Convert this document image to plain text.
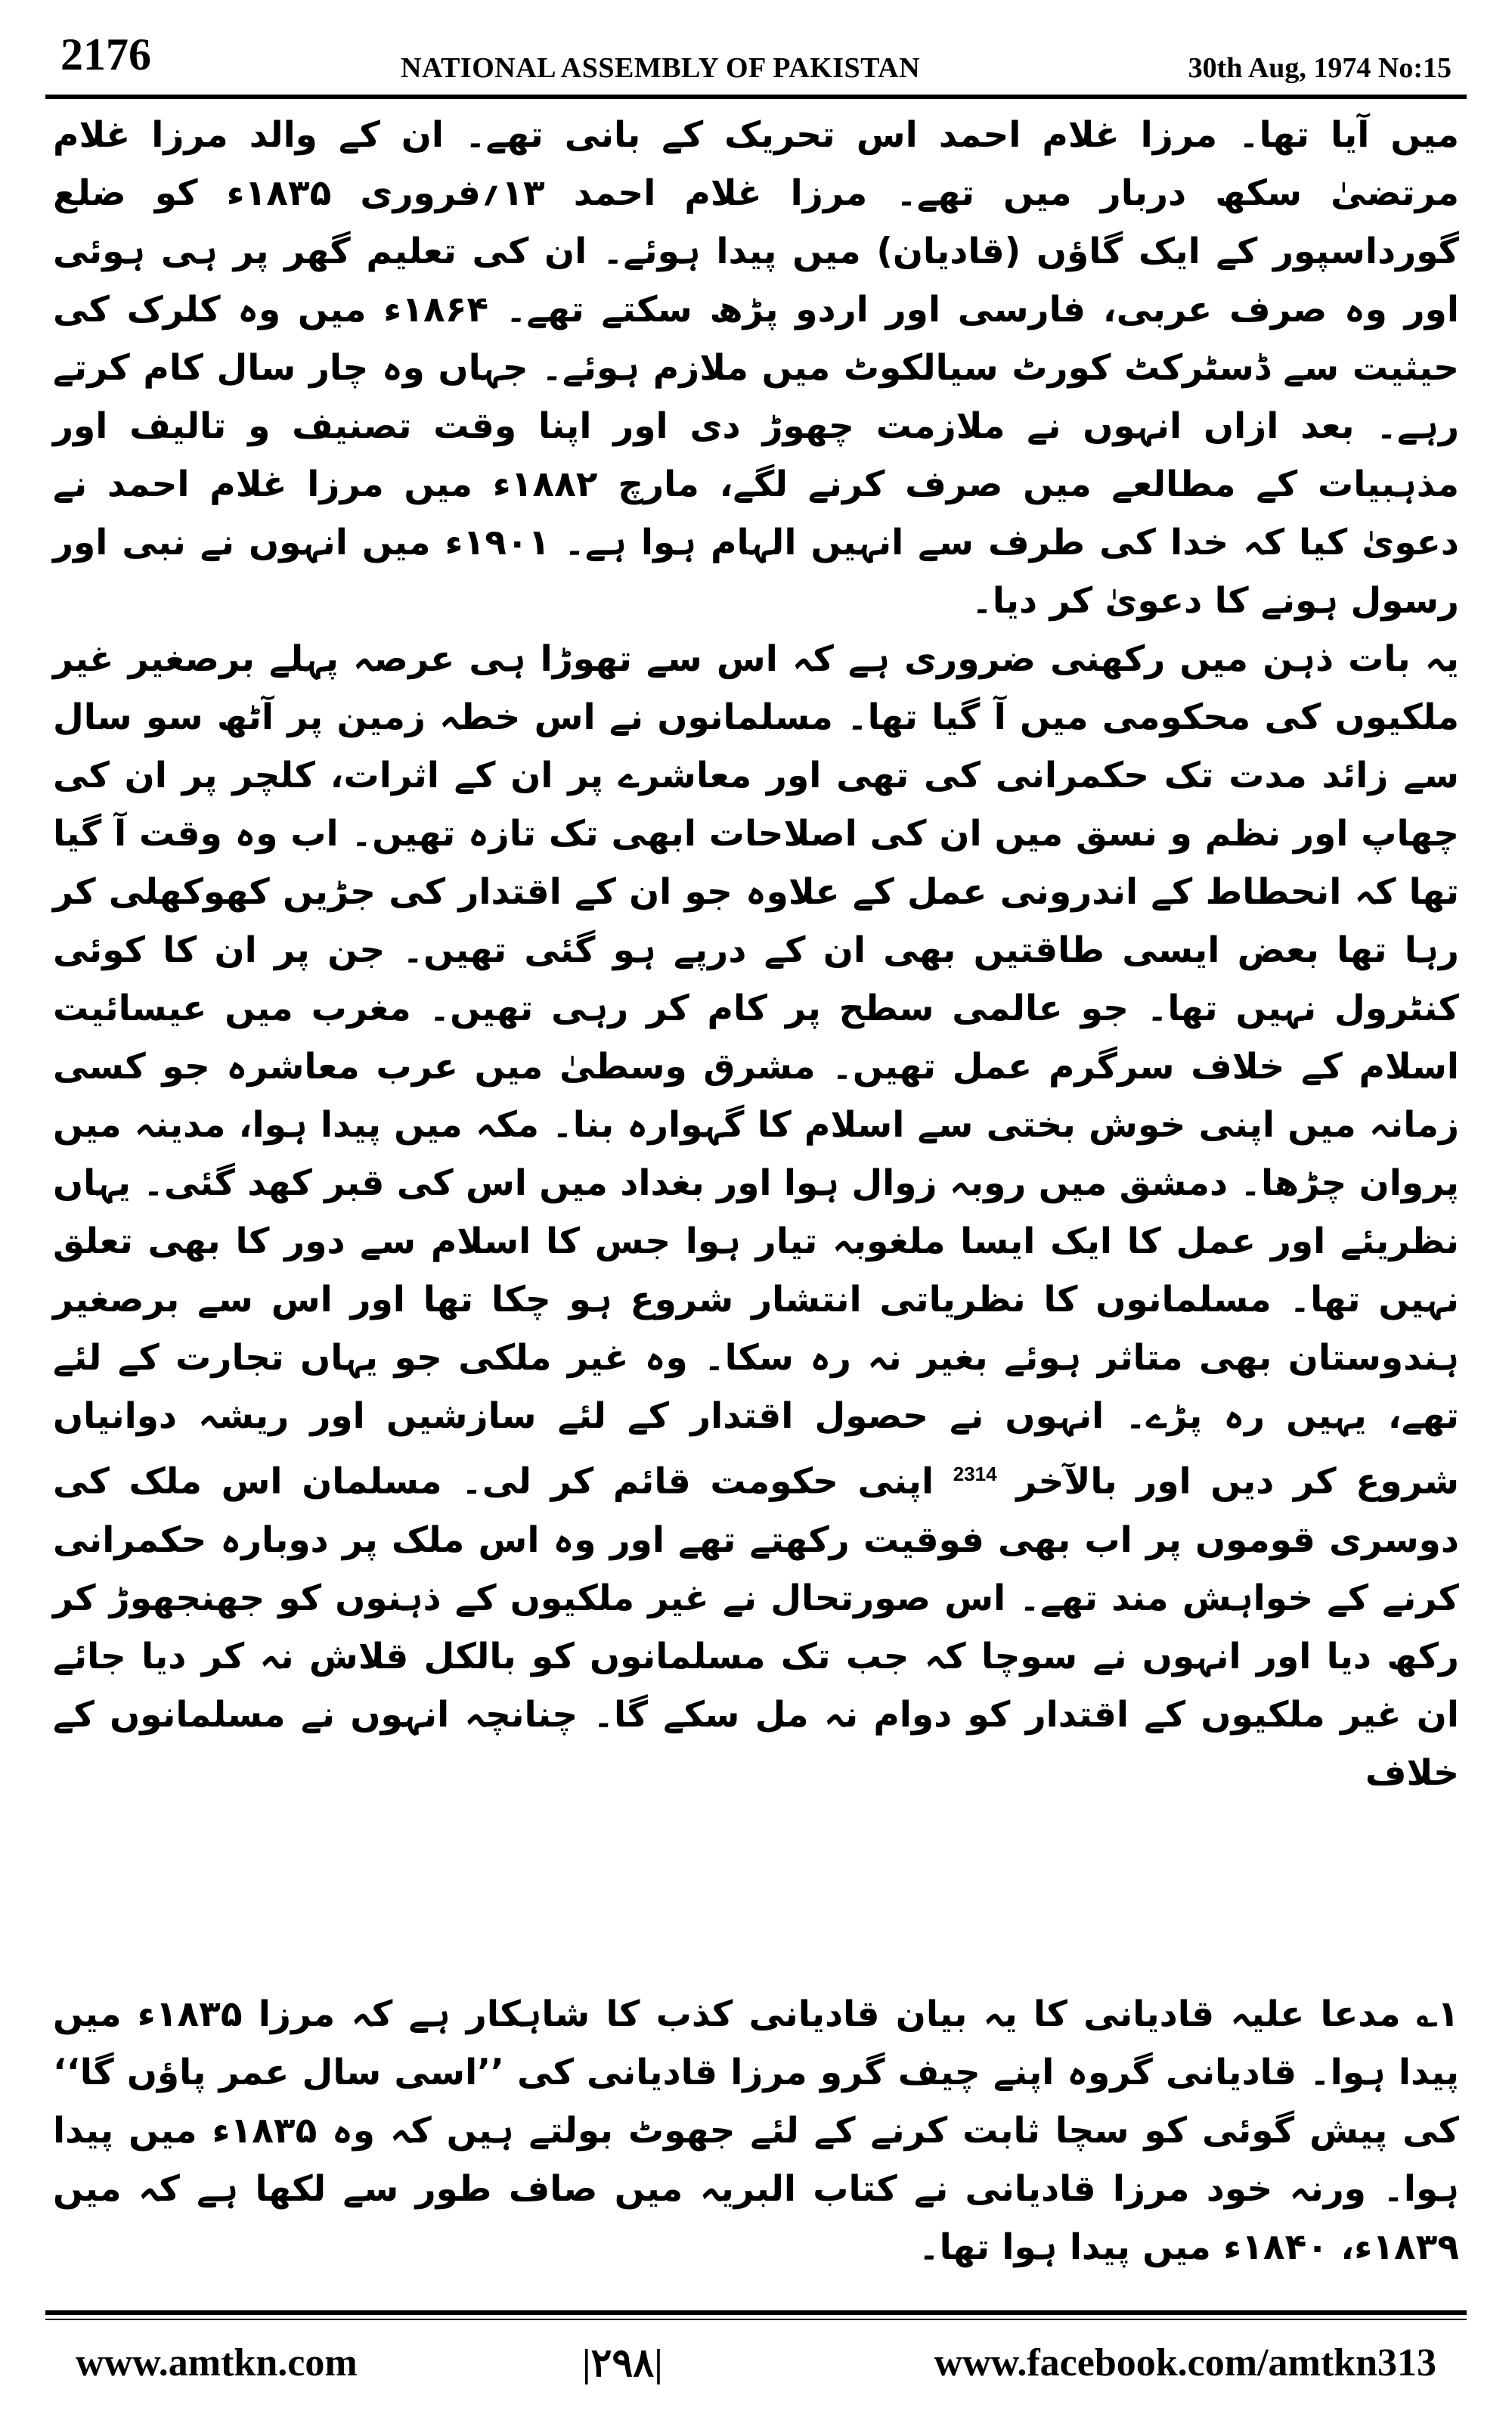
2176	NATIONAL ASSEMBLY OF PAKISTAN	30th Aug, 1974 No:15

میں آیا تھا۔ مرزا غلام احمد اس تحریک کے بانی تھے۔ ان کے والد مرزا غلام مرتضیٰ سکھ دربار میں تھے۔ مرزا غلام احمد ۱۳؍فروری ۱۸۳۵ء کو ضلع گورداسپور کے ایک گاؤں (قادیان) میں پیدا ہوئے۔ ان کی تعلیم گھر پر ہی ہوئی اور وہ صرف عربی، فارسی اور اردو پڑھ سکتے تھے۔ ۱۸۶۴ء میں وہ کلرک کی حیثیت سے ڈسٹرکٹ کورٹ سیالکوٹ میں ملازم ہوئے۔ جہاں وہ چار سال کام کرتے رہے۔ بعد ازاں انہوں نے ملازمت چھوڑ دی اور اپنا وقت تصنیف و تالیف اور مذہبیات کے مطالعے میں صرف کرنے لگے، مارچ ۱۸۸۲ء میں مرزا غلام احمد نے دعویٰ کیا کہ خدا کی طرف سے انہیں الہام ہوا ہے۔ ۱۹۰۱ء میں انہوں نے نبی اور رسول ہونے کا دعویٰ کر دیا۔

یہ بات ذہن میں رکھنی ضروری ہے کہ اس سے تھوڑا ہی عرصہ پہلے برصغیر غیر ملکیوں کی محکومی میں آ گیا تھا۔ مسلمانوں نے اس خطہ زمین پر آٹھ سو سال سے زائد مدت تک حکمرانی کی تھی اور معاشرے پر ان کے اثرات، کلچر پر ان کی چھاپ اور نظم و نسق میں ان کی اصلاحات ابھی تک تازہ تھیں۔ اب وہ وقت آ گیا تھا کہ انحطاط کے اندرونی عمل کے علاوہ جو ان کے اقتدار کی جڑیں کھوکھلی کر رہا تھا بعض ایسی طاقتیں بھی ان کے درپے ہو گئی تھیں۔ جن پر ان کا کوئی کنٹرول نہیں تھا۔ جو عالمی سطح پر کام کر رہی تھیں۔ مغرب میں عیسائیت اسلام کے خلاف سرگرم عمل تھیں۔ مشرق وسطیٰ میں عرب معاشرہ جو کسی زمانہ میں اپنی خوش بختی سے اسلام کا گہوارہ بنا۔ مکہ میں پیدا ہوا، مدینہ میں پروان چڑھا۔ دمشق میں روبہ زوال ہوا اور بغداد میں اس کی قبر کھد گئی۔ یہاں نظریئے اور عمل کا ایک ایسا ملغوبہ تیار ہوا جس کا اسلام سے دور کا بھی تعلق نہیں تھا۔ مسلمانوں کا نظریاتی انتشار شروع ہو چکا تھا اور اس سے برصغیر ہندوستان بھی متاثر ہوئے بغیر نہ رہ سکا۔ وہ غیر ملکی جو یہاں تجارت کے لئے تھے، یہیں رہ پڑے۔ انہوں نے حصول اقتدار کے لئے سازشیں اور ریشہ دوانیاں شروع کر دیں اور بالآخر $^{2314}$ اپنی حکومت قائم کر لی۔ مسلمان اس ملک کی دوسری قوموں پر اب بھی فوقیت رکھتے تھے اور وہ اس ملک پر دوبارہ حکمرانی کرنے کے خواہش مند تھے۔ اس صورتحال نے غیر ملکیوں کے ذہنوں کو جھنجھوڑ کر رکھ دیا اور انہوں نے سوچا کہ جب تک مسلمانوں کو بالکل قلاش نہ کر دیا جائے ان غیر ملکیوں کے اقتدار کو دوام نہ مل سکے گا۔ چنانچہ انہوں نے مسلمانوں کے خلاف

۱؎ مدعا علیہ قادیانی کا یہ بیان قادیانی کذب کا شاہکار ہے کہ مرزا ۱۸۳۵ء میں پیدا ہوا۔ قادیانی گروہ اپنے چیف گرو مرزا قادیانی کی ’’اسی سال عمر پاؤں گا‘‘ کی پیش گوئی کو سچا ثابت کرنے کے لئے جھوٹ بولتے ہیں کہ وہ ۱۸۳۵ء میں پیدا ہوا۔ ورنہ خود مرزا قادیانی نے کتاب البریہ میں صاف طور سے لکھا ہے کہ میں ۱۸۳۹ء، ۱۸۴۰ء میں پیدا ہوا تھا۔

www.amtkn.com	|۲۹۸|	www.facebook.com/amtkn313
